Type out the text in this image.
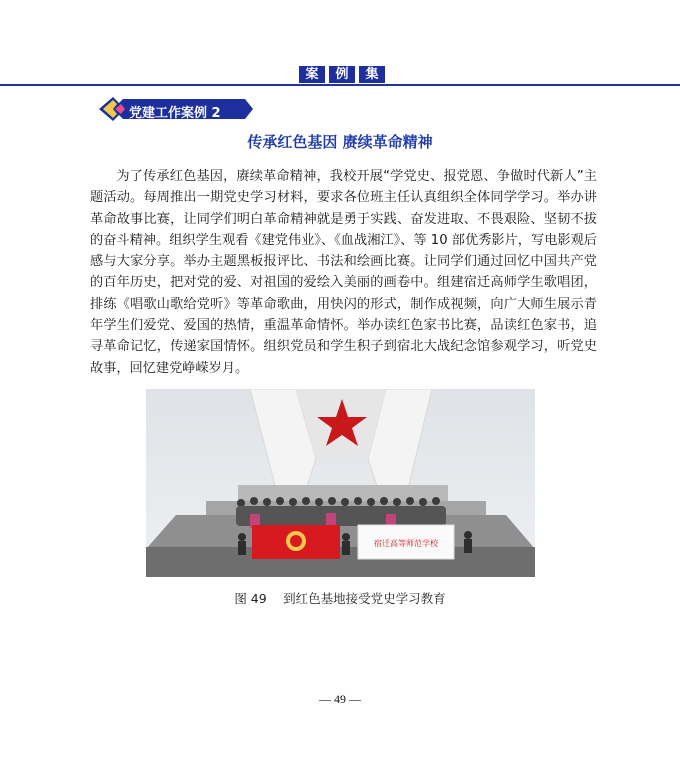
案	例	集
党建工作案例 2
传承红色基因 赓续革命精神

为了传承红色基因，赓续革命精神，我校开展“学党史、报党恩、争做时代新人”主题活动。每周推出一期党史学习材料，要求各位班主任认真组织全体同学学习。举办讲革命故事比赛，让同学们明白革命精神就是勇于实践、奋发进取、不畏艰险、坚韧不拔的奋斗精神。组织学生观看《建党伟业》、《血战湘江》、等 10 部优秀影片，写电影观后感与大家分享。举办主题黑板报评比、书法和绘画比赛。让同学们通过回忆中国共产党的百年历史，把对党的爱、对祖国的爱绘入美丽的画卷中。组建宿迁高师学生歌唱团，排练《唱歌山歌给党听》等革命歌曲，用快闪的形式，制作成视频，向广大师生展示青年学生们爱党、爱国的热情，重温革命情怀。举办读红色家书比赛，品读红色家书，追寻革命记忆，传递家国情怀。组织党员和学生积子到宿北大战纪念馆参观学习，听党史故事，回忆建党峥嵘岁月。

宿迁高等师范学校
图 49　 到红色基地接受党史学习教育
— 49 —
